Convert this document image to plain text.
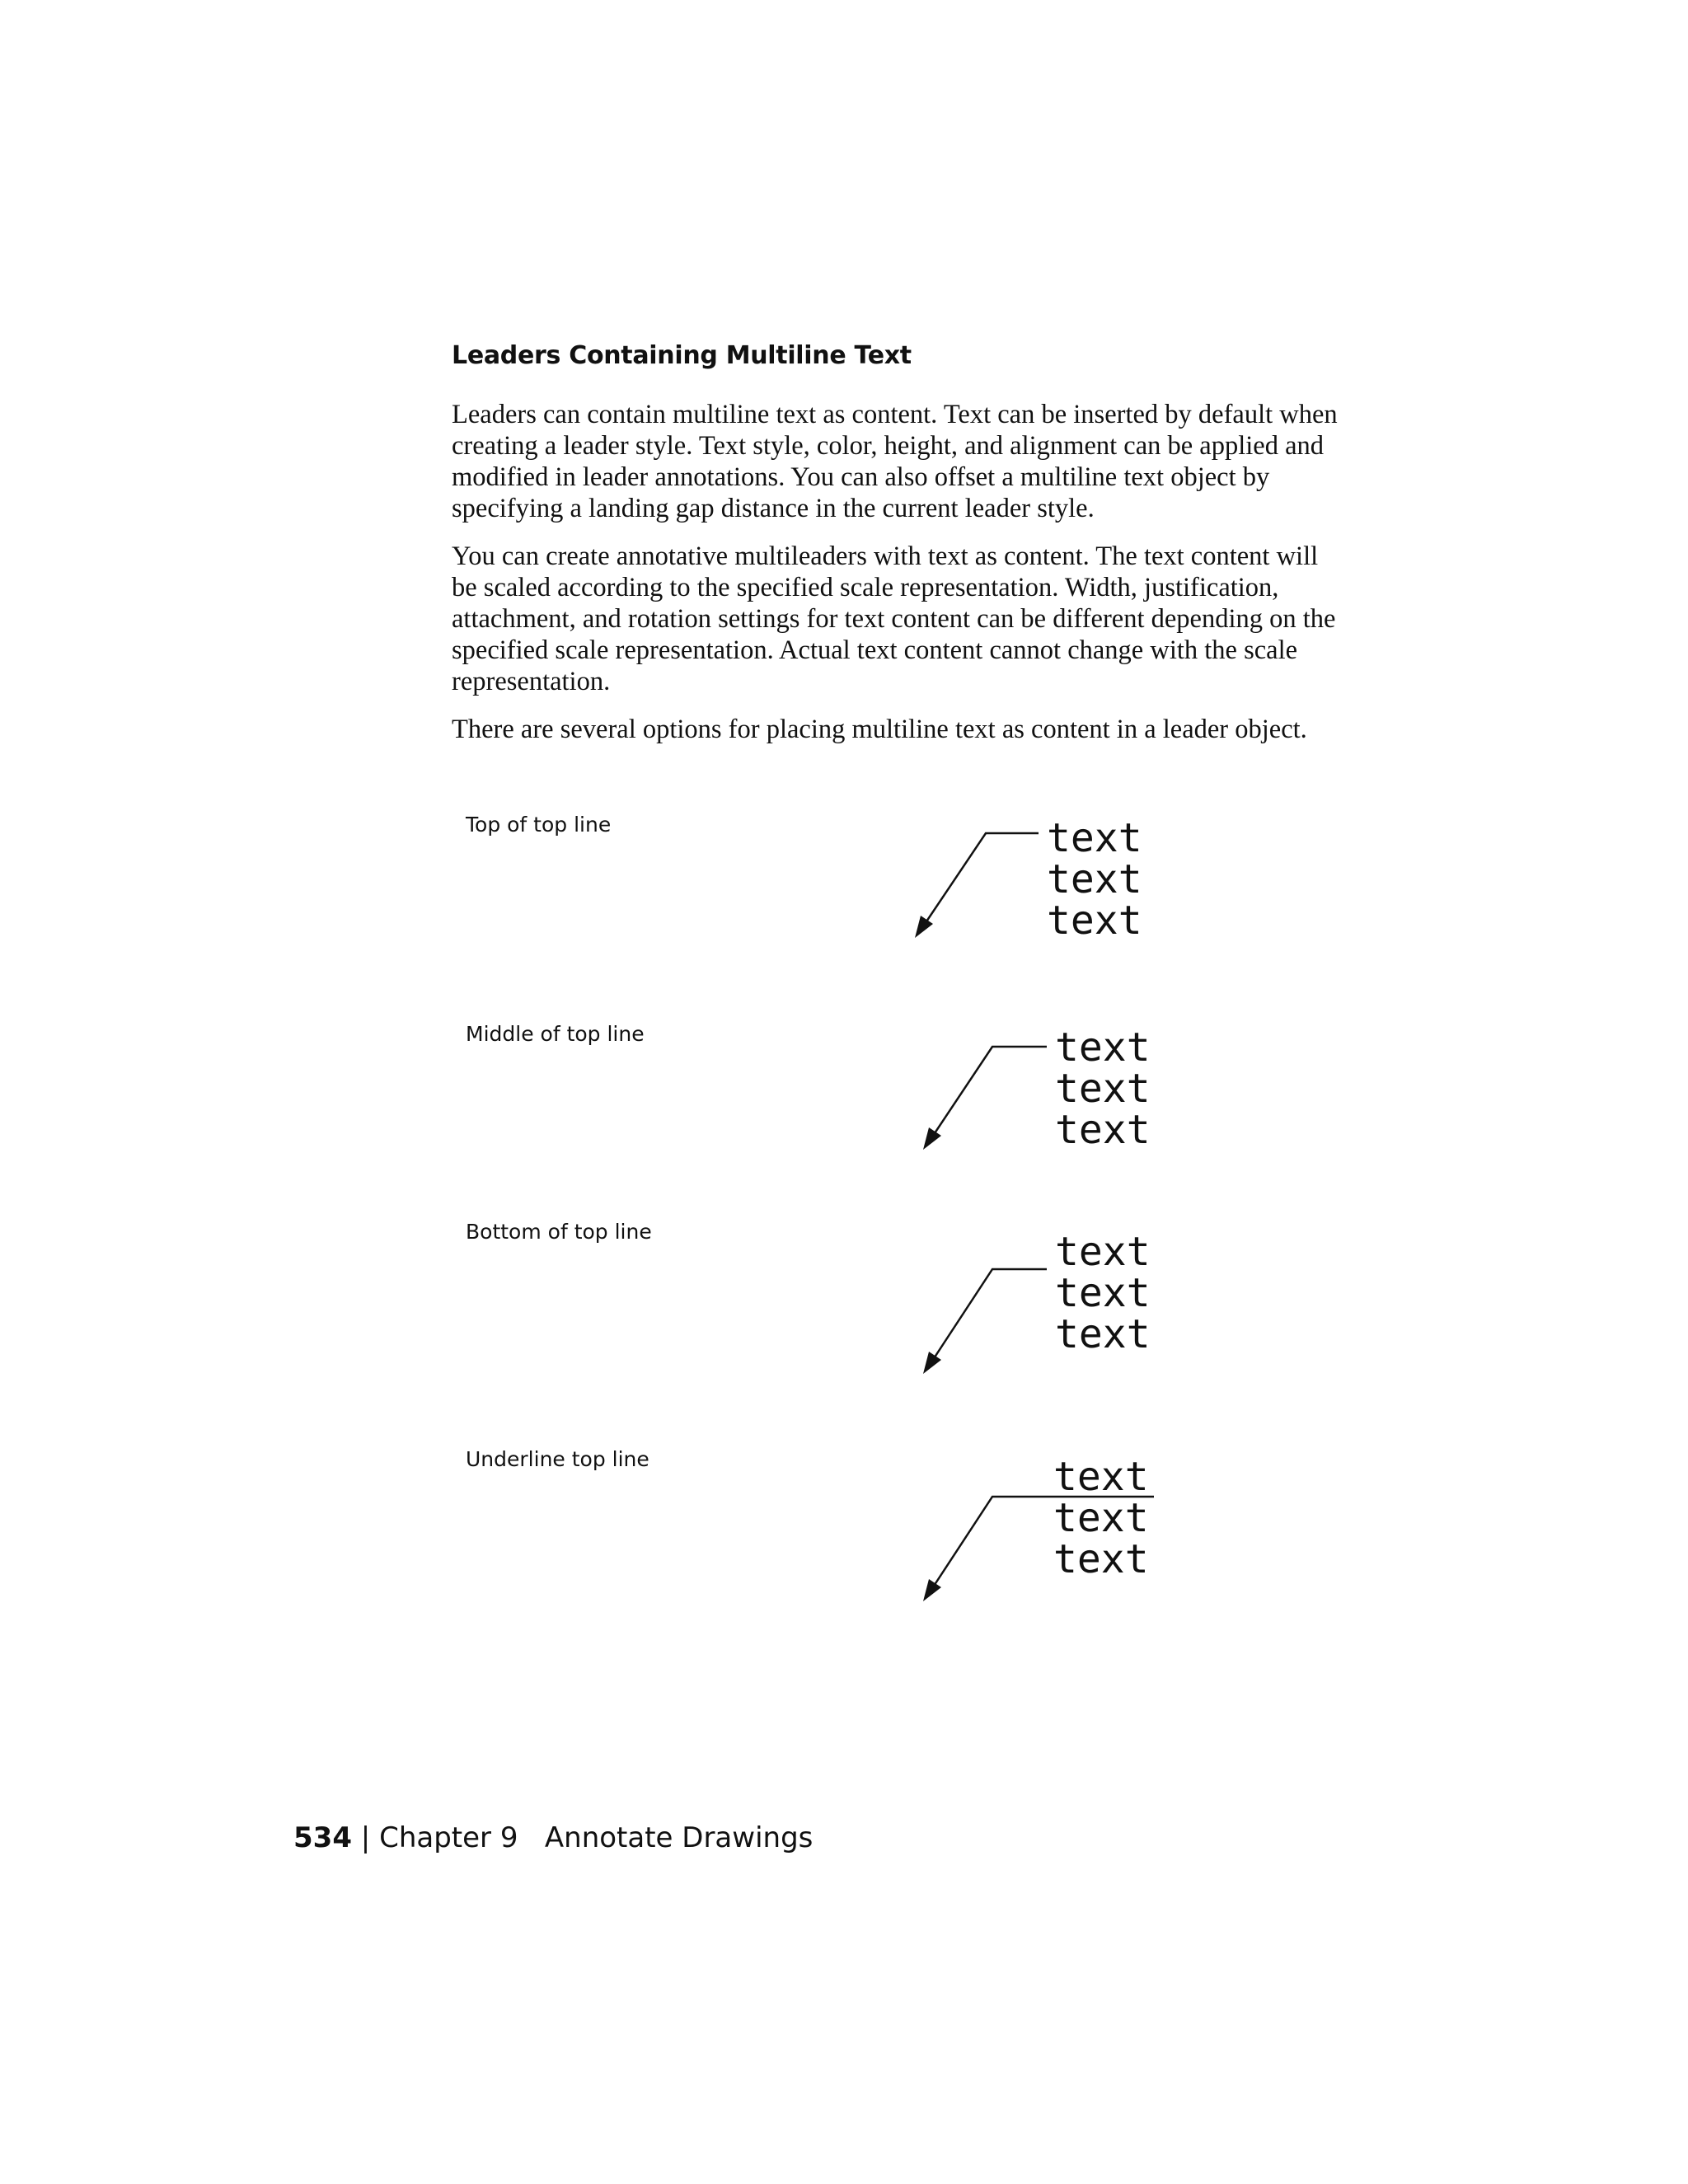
Leaders Containing Multiline Text

Leaders can contain multiline text as content. Text can be inserted by default when creating a leader style. Text style, color, height, and alignment can be applied and modified in leader annotations. You can also offset a multiline text object by specifying a landing gap distance in the current leader style.

You can create annotative multileaders with text as content. The text content will be scaled according to the specified scale representation. Width, justification, attachment, and rotation settings for text content can be different depending on the specified scale representation. Actual text content cannot change with the scale representation.

There are several options for placing multiline text as content in a leader object.

Top of top line	text
text
text

Middle of top line	text
text
text

Bottom of top line	text
text
text

Underline top line	text
text
text

534 | Chapter 9 Annotate Drawings
